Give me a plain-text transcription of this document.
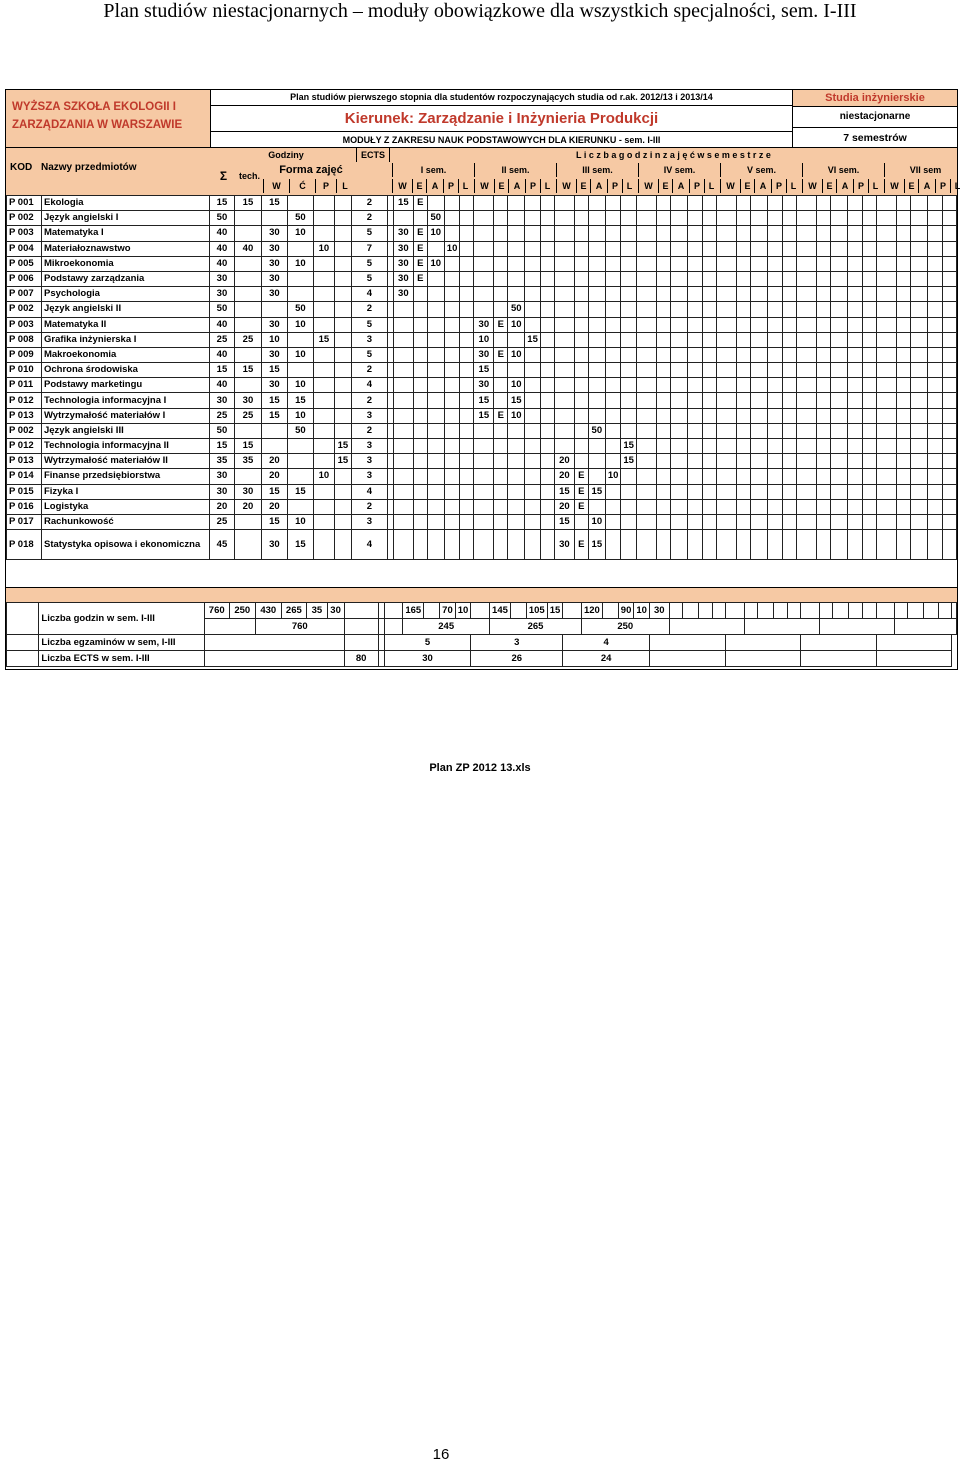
Plan studiów niestacjonarnych – moduły obowiązkowe dla wszystkich specjalności, sem. I-III
WYŻSZA SZKOŁA EKOLOGII I
ZARZĄDZANIA W WARSZAWIE
Plan studiów pierwszego stopnia dla studentów rozpoczynających studia od r.ak. 2012/13 i 2013/14
Kierunek: Zarządzanie i Inżynieria Produkcji
MODUŁY Z ZAKRESU NAUK PODSTAWOWYCH DLA KIERUNKU - sem. I-III
Studia inżynierskie
niestacjonarne
7 semestrów
KOD Nazwy przedmiotów
Godziny
Σ	tech.	Forma zajęć
W	Ć	P	L
ECTS	L i c z b a g o d z i n z a j ę ć w s e m e s t r z e
I sem.
W	E	A	P L
II sem.
W	E	A	P L
III sem.
W	E	A	P L
IV sem.
W	E	A	P L
V sem.
W	E	A	P L
VI sem.
W	E	A	P L
VII sem
W	E	A	P L
P 001	Ekologia	15	15	15				2		15	E																																	
P 002	Język angielski I	50			50			2				50																																
P 003	Matematyka I	40		30	10			5		30	E	10																																
P 004	Materiałoznawstwo	40	40	30		10		7		30	E		10																															
P 005	Mikroekonomia	40		30	10			5		30	E	10																																
P 006	Podstawy zarządzania	30		30				5		30	E																																	
P 007	Psychologia	30		30				4		30																																		
P 002	Język angielski II	50			50			2									50																											
P 003	Matematyka II	40		30	10			5							30	E	10																											
P 008	Grafika inżynierska I	25	25	10		15		3							10			15																										
P 009	Makroekonomia	40		30	10			5							30	E	10																											
P 010	Ochrona środowiska	15	15	15				2							15																													
P 011	Podstawy marketingu	40		30	10			4							30		10																											
P 012	Technologia informacyjna I	30	30	15	15			2							15		15																											
P 013	Wytrzymałość materiałów I	25	25	15	10			3							15	E	10																											
P 002	Język angielski III	50			50			2														50																						
P 012	Technologia informacyjna II	15	15				15	3																15																				
P 013	Wytrzymałość materiałów II	35	35	20			15	3												20				15																				
P 014	Finanse przedsiębiorstwa	30		20		10		3												20	E		10																					
P 015	Fizyka I	30	30	15	15			4												15	E	15																						
P 016	Logistyka	20	20	20				2												20	E																							
P 017	Rachunkowość	25		15	10			3												15		10																						
P 018	Statystyka opisowa i ekonomiczna	45		30	15			4												30	E	15																						
	Liczba godzin w sem. I-III	760	250	430	265	35	30				165		70	10		145		105	15		120		90	10	30																				
				760							245					265					250																								
	Liczba egzaminów w sem, I-III									5					3					4																									
	Liczba ECTS w sem. I-III							80		30					26					24																									
Plan ZP 2012 13.xls
16
